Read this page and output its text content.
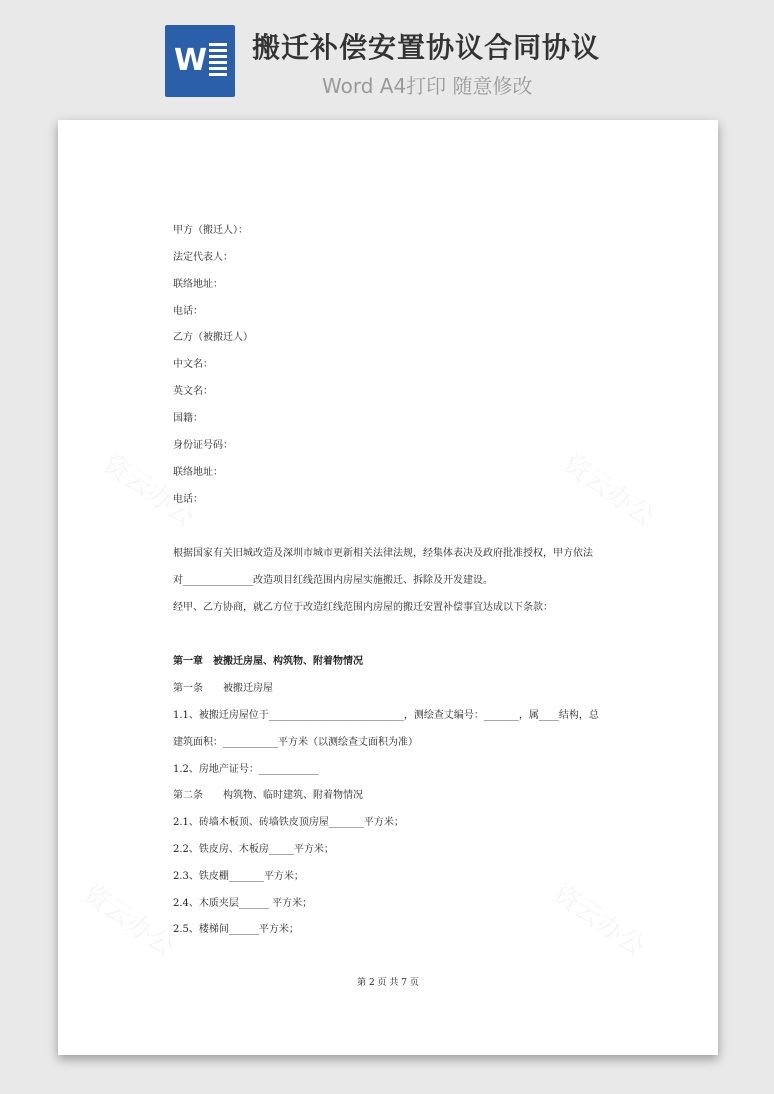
W 搬迁补偿安置协议合同协议
Word A4打印 随意修改
甲方（搬迁人）：
法定代表人：
联络地址：
电话：
乙方（被搬迁人）
中文名：
英文名：
国籍：
身份证号码：
联络地址：
电话：
根据国家有关旧城改造及深圳市城市更新相关法律法规，经集体表决及政府批准授权，甲方依法
对______________改造项目红线范围内房屋实施搬迁、拆除及开发建设。
经甲、乙方协商，就乙方位于改造红线范围内房屋的搬迁安置补偿事宜达成以下条款：
第一章　被搬迁房屋、构筑物、附着物情况
第一条　　被搬迁房屋
1.1、被搬迁房屋位于___________________________，测绘查丈编号：_______，属____结构，总
建筑面积：___________平方米（以测绘查丈面积为准）
1.2、房地产证号：____________
第二条　　构筑物、临时建筑、附着物情况
2.1、砖墙木板顶、砖墙铁皮顶房屋_______平方米；
2.2、铁皮房、木板房_____平方米；
2.3、铁皮棚_______平方米；
2.4、木质夹层______ 平方米；
2.5、楼梯间______平方米；
第 2 页 共 7 页
